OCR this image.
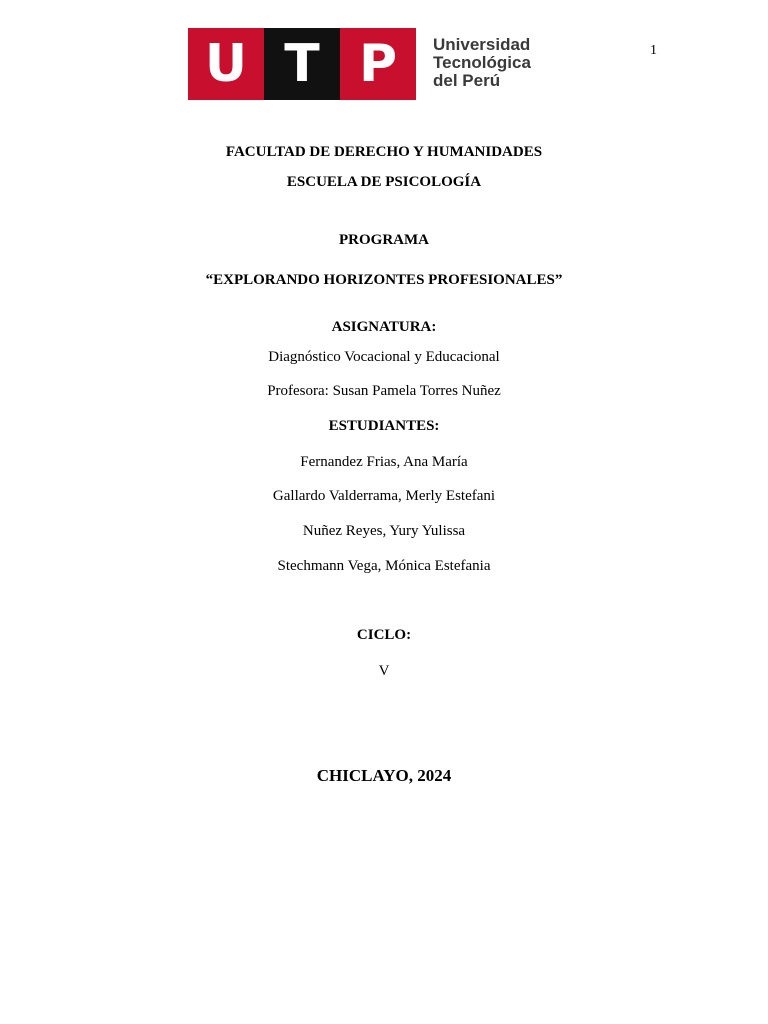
1
U T P	Universidad
Tecnológica
del Perú
FACULTAD DE DERECHO Y HUMANIDADES
ESCUELA DE PSICOLOGÍA
PROGRAMA
“EXPLORANDO HORIZONTES PROFESIONALES”
ASIGNATURA:
Diagnóstico Vocacional y Educacional
Profesora: Susan Pamela Torres Nuñez
ESTUDIANTES:
Fernandez Frias, Ana María
Gallardo Valderrama, Merly Estefani
Nuñez Reyes, Yury Yulissa
Stechmann Vega, Mónica Estefania
CICLO:
V
CHICLAYO, 2024
